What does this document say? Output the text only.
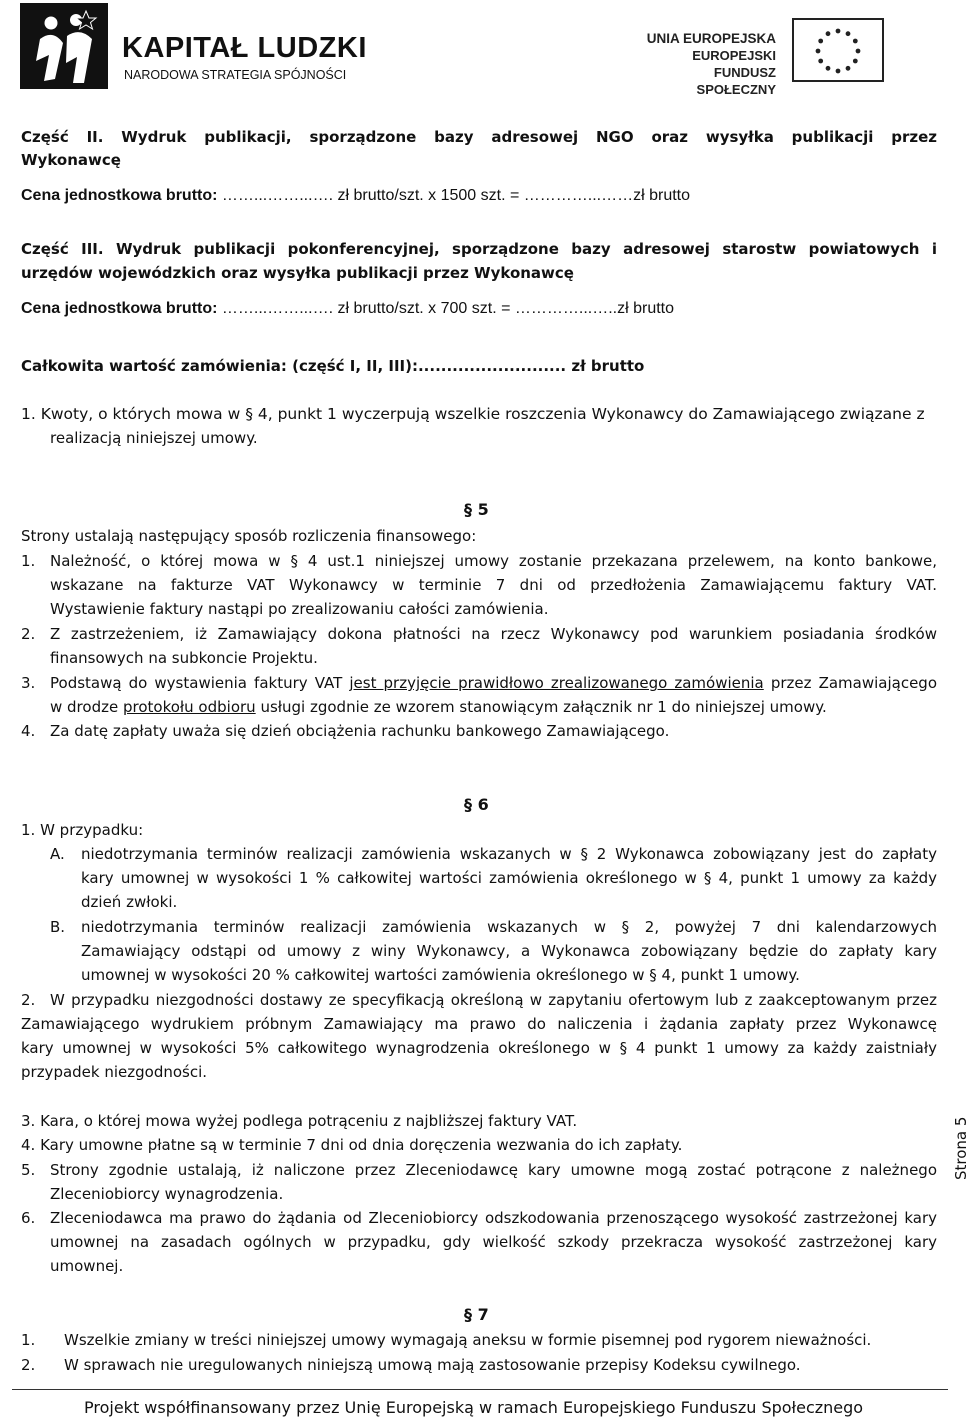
KAPITAŁ LUDZKI
NARODOWA STRATEGIA SPÓJNOŚCI
UNIA EUROPEJSKA
EUROPEJSKI
FUNDUSZ SPOŁECZNY
Część II. Wydruk publikacji, sporządzone bazy adresowej NGO oraz wysyłka publikacji przez
Wykonawcę
Cena jednostkowa brutto: ……...……...…. zł brutto/szt. x 1500 szt. = …………...……zł brutto
Część III. Wydruk publikacji pokonferencyjnej, sporządzone bazy adresowej starostw powiatowych i
urzędów wojewódzkich oraz wysyłka publikacji przez Wykonawcę
Cena jednostkowa brutto: ……...……...…. zł brutto/szt. x 700 szt. = …………...…..zł brutto
Całkowita wartość zamówienia: (część I, II, III):.......................... zł brutto
1. Kwoty, o których mowa w § 4, punkt 1 wyczerpują wszelkie roszczenia Wykonawcy do Zamawiającego związane z
realizacją niniejszej umowy.
§ 5
Strony ustalają następujący sposób rozliczenia finansowego:
1. Należność, o której mowa w § 4 ust.1 niniejszej umowy zostanie przekazana przelewem, na konto bankowe,
wskazane na fakturze VAT Wykonawcy w terminie 7 dni od przedłożenia Zamawiającemu faktury VAT.
Wystawienie faktury nastąpi po zrealizowaniu całości zamówienia.
2. Z zastrzeżeniem, iż Zamawiający dokona płatności na rzecz Wykonawcy pod warunkiem posiadania środków
finansowych na subkoncie Projektu.
3. Podstawą do wystawienia faktury VAT jest przyjęcie prawidłowo zrealizowanego zamówienia przez Zamawiającego
w drodze protokołu odbioru usługi zgodnie ze wzorem stanowiącym załącznik nr 1 do niniejszej umowy.
4. Za datę zapłaty uważa się dzień obciążenia rachunku bankowego Zamawiającego.
§ 6
1. W przypadku:
A. niedotrzymania terminów realizacji zamówienia wskazanych w § 2 Wykonawca zobowiązany jest do zapłaty
kary umownej w wysokości 1 % całkowitej wartości zamówienia określonego w § 4, punkt 1 umowy za każdy
dzień zwłoki.
B. niedotrzymania terminów realizacji zamówienia wskazanych w § 2, powyżej 7 dni kalendarzowych
Zamawiający odstąpi od umowy z winy Wykonawcy, a Wykonawca zobowiązany będzie do zapłaty kary
umownej w wysokości 20 % całkowitej wartości zamówienia określonego w § 4, punkt 1 umowy.
2. W przypadku niezgodności dostawy ze specyfikacją określoną w zapytaniu ofertowym lub z zaakceptowanym przez
Zamawiającego wydrukiem próbnym Zamawiający ma prawo do naliczenia i żądania zapłaty przez Wykonawcę
kary umownej w wysokości 5% całkowitego wynagrodzenia określonego w § 4 punkt 1 umowy za każdy zaistniały
przypadek niezgodności.
3. Kara, o której mowa wyżej podlega potrąceniu z najbliższej faktury VAT.
4. Kary umowne płatne są w terminie 7 dni od dnia doręczenia wezwania do ich zapłaty.
5. Strony zgodnie ustalają, iż naliczone przez Zleceniodawcę kary umowne mogą zostać potrącone z należnego
Zleceniobiorcy wynagrodzenia.
6. Zleceniodawca ma prawo do żądania od Zleceniobiorcy odszkodowania przenoszącego wysokość zastrzeżonej kary
umownej na zasadach ogólnych w przypadku, gdy wielkość szkody przekracza wysokość zastrzeżonej kary
umownej.
§ 7
1. Wszelkie zmiany w treści niniejszej umowy wymagają aneksu w formie pisemnej pod rygorem nieważności.
2. W sprawach nie uregulowanych niniejszą umową mają zastosowanie przepisy Kodeksu cywilnego.
Projekt współfinansowany przez Unię Europejską w ramach Europejskiego Funduszu Społecznego
Strona 5
